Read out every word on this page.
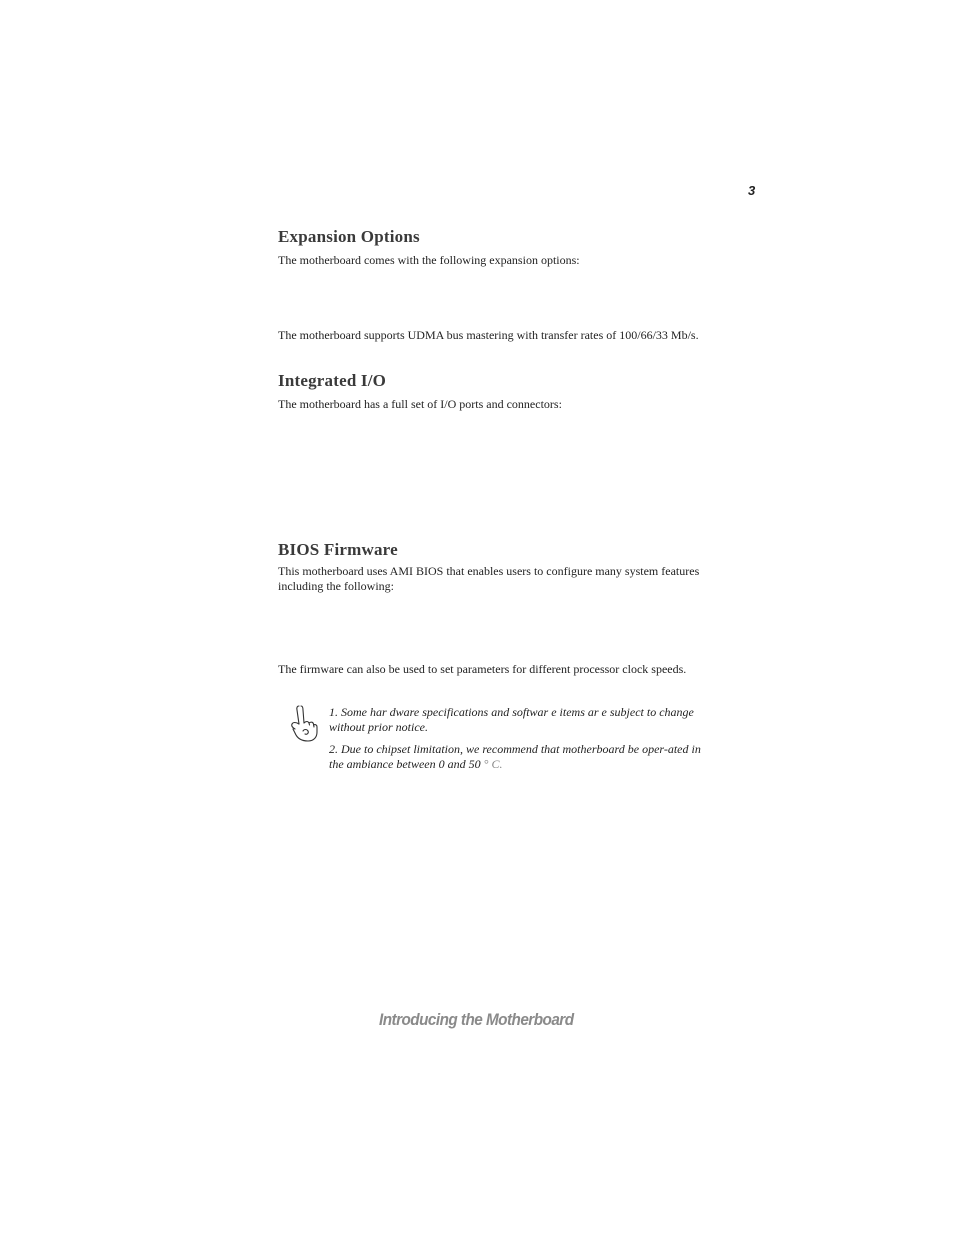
3
Expansion Options

The motherboard comes with the following expansion options:

The motherboard supports UDMA bus mastering with transfer rates of 100/66/33 Mb/s.

Integrated I/O

The motherboard has a full set of I/O ports and connectors:

BIOS Firmware

This motherboard uses AMI BIOS that enables users to configure many system features including the following:

The firmware can also be used to set parameters for different processor clock speeds.

1. Some har dware specifications and softwar e items ar e subject to change without prior notice.

2. Due to chipset limitation, we recommend that motherboard be oper-ated in the ambiance between 0 and 50 ° C.

Introducing the Motherboard
